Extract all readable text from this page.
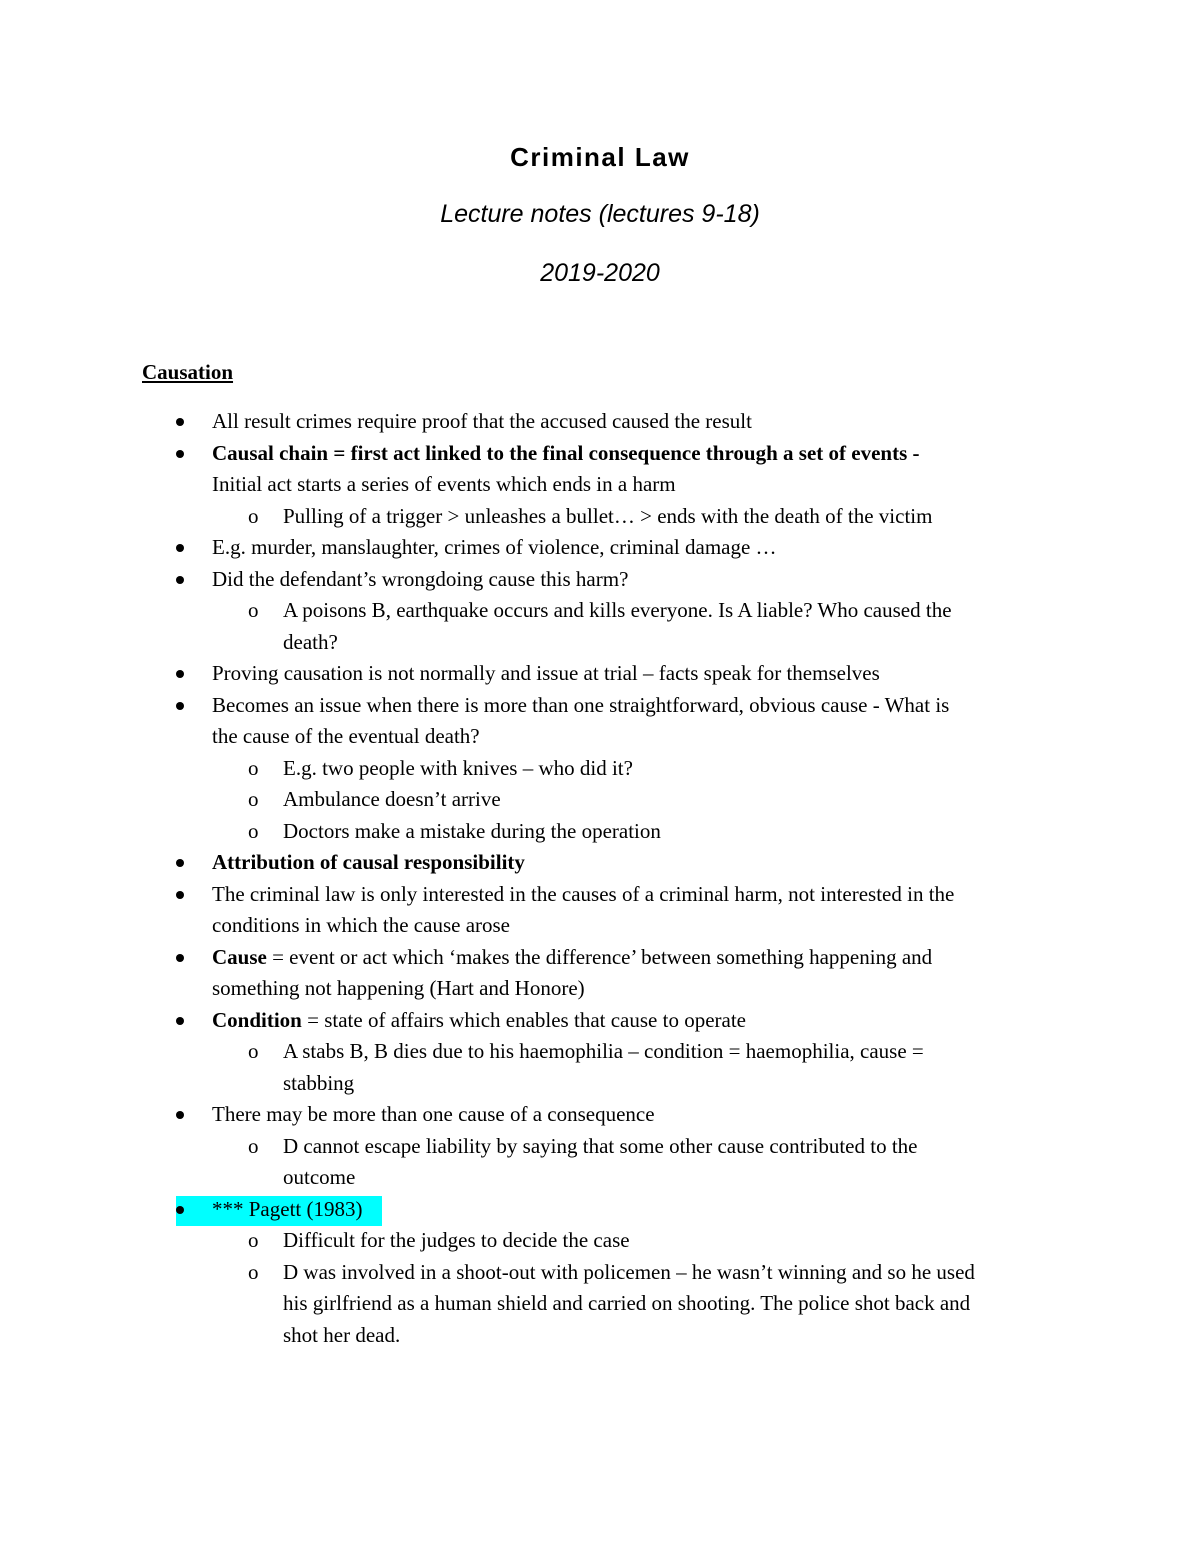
Criminal Law
Lecture notes (lectures 9-18)
2019-2020
Causation
All result crimes require proof that the accused caused the result
Causal chain = first act linked to the final consequence through a set of events -
Initial act starts a series of events which ends in a harm
o Pulling of a trigger > unleashes a bullet… > ends with the death of the victim
E.g. murder, manslaughter, crimes of violence, criminal damage …
Did the defendant’s wrongdoing cause this harm?
o A poisons B, earthquake occurs and kills everyone. Is A liable? Who caused the
death?
Proving causation is not normally and issue at trial – facts speak for themselves
Becomes an issue when there is more than one straightforward, obvious cause - What is
the cause of the eventual death?
o E.g. two people with knives – who did it?
o Ambulance doesn’t arrive
o Doctors make a mistake during the operation
Attribution of causal responsibility
The criminal law is only interested in the causes of a criminal harm, not interested in the
conditions in which the cause arose
Cause = event or act which ‘makes the difference’ between something happening and
something not happening (Hart and Honore)
Condition = state of affairs which enables that cause to operate
o A stabs B, B dies due to his haemophilia – condition = haemophilia, cause =
stabbing
There may be more than one cause of a consequence
o D cannot escape liability by saying that some other cause contributed to the
outcome
*** Pagett (1983)
o Difficult for the judges to decide the case
o D was involved in a shoot-out with policemen – he wasn’t winning and so he used
his girlfriend as a human shield and carried on shooting. The police shot back and
shot her dead.
